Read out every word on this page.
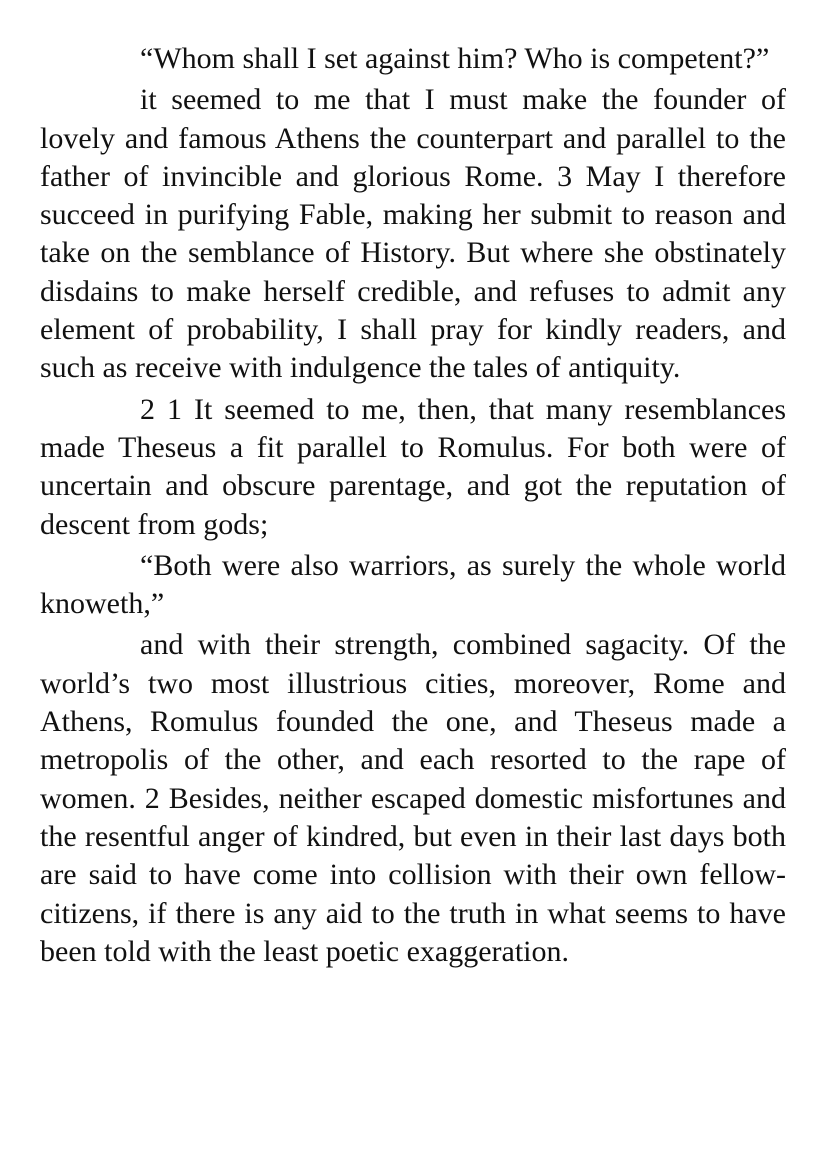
“Whom shall I set against him? Who is competent?”

it seemed to me that I must make the founder of lovely and famous Athens the counterpart and parallel to the father of invincible and glorious Rome. 3 May I therefore succeed in purifying Fable, making her submit to reason and take on the semblance of History. But where she obstinately disdains to make herself credible, and refuses to admit any element of probability, I shall pray for kindly readers, and such as receive with indulgence the tales of antiquity.

2 1 It seemed to me, then, that many resemblances made Theseus a fit parallel to Romulus. For both were of uncertain and obscure parentage, and got the reputation of descent from gods;

“Both were also warriors, as surely the whole world knoweth,”

and with their strength, combined sagacity. Of the world’s two most illustrious cities, moreover, Rome and Athens, Romulus founded the one, and Theseus made a metropolis of the other, and each resorted to the rape of women. 2 Besides, neither escaped domestic misfortunes and the resentful anger of kindred, but even in their last days both are said to have come into collision with their own fellow-citizens, if there is any aid to the truth in what seems to have been told with the least poetic exaggeration.
